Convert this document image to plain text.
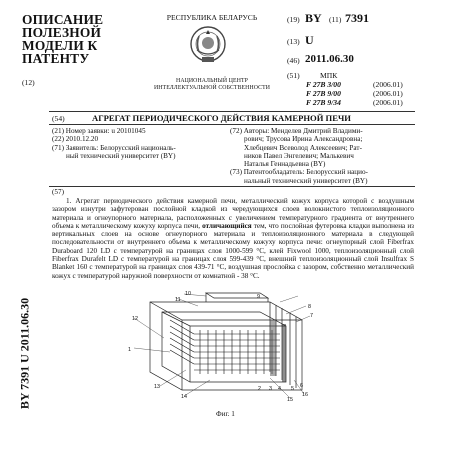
ОПИСАНИЕ ПОЛЕЗНОЙ МОДЕЛИ К ПАТЕНТУ
(12)
РЕСПУБЛИКА БЕЛАРУСЬ
НАЦИОНАЛЬНЫЙ ЦЕНТР ИНТЕЛЛЕКТУАЛЬНОЙ СОБСТВЕННОСТИ
(19) BY (11) 7391
(13) U
(46) 2011.06.30
(51)	МПК
F 27B 3/00	(2006.01)
F 27B 9/00	(2006.01)
F 27B 9/34	(2006.01)
(54)	АГРЕГАТ ПЕРИОДИЧЕСКОГО ДЕЙСТВИЯ КАМЕРНОЙ ПЕЧИ
(21) Номер заявки: u 20101045
(22) 2010.12.20
(71) Заявитель: Белорусский националь-
ный технический университет (BY)
(72) Авторы: Менделев Дмитрий Владими-
рович; Трусова Ирина Александровна;
Хлебцевич Всеволод Алексеевич; Рат-
ников Павел Энгелевич; Малькевич
Наталья Геннадьевна (BY)
(73) Патентообладатель: Белорусский нацио-
нальный технический университет (BY)
(57)
1. Агрегат периодического действия камерной печи, металлический кожух корпуса которой с воздушным зазором изнутри зафутерован послойной кладкой из чередующихся слоев волокнистого теплоизоляционного материала и огнеупорного материала, расположенных с увеличением температурного градиента от внутреннего объема к металлическому кожуху корпуса печи, отличающийся тем, что послойная футеровка кладки выполнена из вертикальных слоев на основе огнеупорного материала и теплоизоляционного материала в следующей последовательности от внутреннего объема к металлическому кожуху корпуса печи: огнеупорный слой Fiberfrax Duraboard 120 LD с температурой на границах слоя 1000-599 °С, клей Fixwool 1000, теплоизоляционный слой Fiberfrax Durafelt LD с температурой на границах слоя 599-439 °С, внешний теплоизоляционный слой Insulfrax S Blanket 160 с температурой на границах слоя 439-71 °С, воздушная прослойка с зазором, собственно металлический кожух с температурой наружной поверхности от комнатной - 38 °С.
10
11	9
8
7
12
1
13
14	15
16
2 3 4 5 6
Фиг. 1
BY 7391 U 2011.06.30
